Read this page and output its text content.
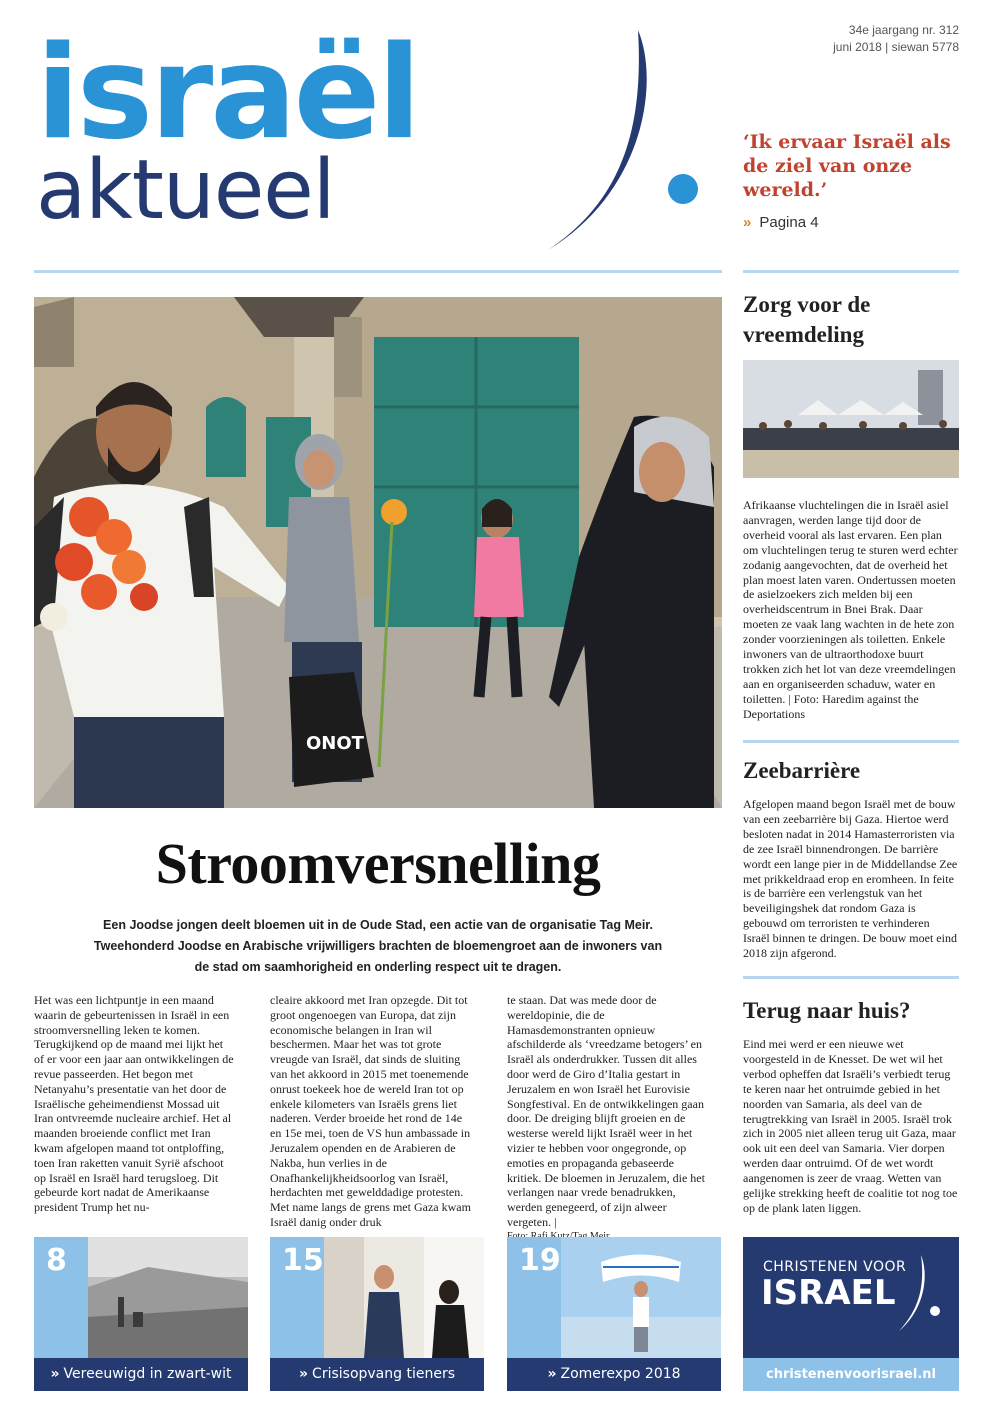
israël
aktueel
34e jaargang nr. 312
juni 2018 | siewan 5778
‘Ik ervaar Israël als de ziel van onze wereld.’
» Pagina 4
ONOT
Stroomversnelling
Een Joodse jongen deelt bloemen uit in de Oude Stad, een actie van de organisatie Tag Meir. Tweehonderd Joodse en Arabische vrijwilligers brachten de bloemengroet aan de inwoners van de stad om saamhorigheid en onderling respect uit te dragen.

Het was een lichtpuntje in een maand waarin de gebeurtenissen in Israël in een stroomversnelling leken te komen. Terugkijkend op de maand mei lijkt het of er voor een jaar aan ontwikkelingen de revue passeerden. Het begon met Netanyahu’s presentatie van het door de Israëlische geheimendienst Mossad uit Iran ontvreemde nucleaire archief. Het al maanden broeiende conflict met Iran kwam afgelopen maand tot ontploffing, toen Iran raketten vanuit Syrië afschoot op Israël en Israël hard terugsloeg. Dit gebeurde kort nadat de Amerikaanse president Trump het nu-

cleaire akkoord met Iran opzegde. Dit tot groot ongenoegen van Europa, dat zijn economische belangen in Iran wil beschermen. Maar het was tot grote vreugde van Israël, dat sinds de sluiting van het akkoord in 2015 met toenemende onrust toekeek hoe de wereld Iran tot op enkele kilometers van Israëls grens liet naderen. Verder broeide het rond de 14e en 15e mei, toen de VS hun ambassade in Jeruzalem openden en de Arabieren de Nakba, hun verlies in de Onafhankelijkheidsoorlog van Israël, herdachten met gewelddadige protesten. Met name langs de grens met Gaza kwam Israël danig onder druk

te staan. Dat was mede door de wereldopinie, die de Hamasdemonstranten opnieuw afschilderde als ‘vreedzame betogers’ en Israël als onderdrukker. Tussen dit alles door werd de Giro d’Italia gestart in Jeruzalem en won Israël het Eurovisie Songfestival. En de ontwikkelingen gaan door. De dreiging blijft groeien en de westerse wereld lijkt Israël weer in het vizier te hebben voor ongegronde, op emoties en propaganda gebaseerde kritiek. De bloemen in Jeruzalem, die het verlangen naar vrede benadrukken, werden genegeerd, of zijn alweer vergeten. |

Zorg voor de vreemdeling
Afrikaanse vluchtelingen die in Israël asiel aanvragen, werden lange tijd door de overheid vooral als last ervaren. Een plan om vluchtelingen terug te sturen werd echter zodanig aangevochten, dat de overheid het plan moest laten varen. Ondertussen moeten de asielzoekers zich melden bij een overheidscentrum in Bnei Brak. Daar moeten ze vaak lang wachten in de hete zon zonder voorzieningen als toiletten. Enkele inwoners van de ultraorthodoxe buurt trokken zich het lot van deze vreemdelingen aan en organiseerden schaduw, water en toiletten. | Foto: Haredim against the Deportations
Zeebarrière
Afgelopen maand begon Israël met de bouw van een zeebarrière bij Gaza. Hiertoe werd besloten nadat in 2014 Hamasterroristen via de zee Israël binnendrongen. De barrière wordt een lange pier in de Middellandse Zee met prikkeldraad erop en eromheen. In feite is de barrière een verlengstuk van het beveiligingshek dat rondom Gaza is gebouwd om terroristen te verhinderen Israël binnen te dringen. De bouw moet eind 2018 zijn afgerond.
Terug naar huis?
Eind mei werd er een nieuwe wet voorgesteld in de Knesset. De wet wil het verbod opheffen dat Israëli’s verbiedt terug te keren naar het ontruimde gebied in het noorden van Samaria, als deel van de terugtrekking van Israël in 2005. Israël trok zich in 2005 niet alleen terug uit Gaza, maar ook uit een deel van Samaria. Vier dorpen werden daar ontruimd. Of de wet wordt aangenomen is zeer de vraag. Wetten van gelijke strekking heeft de coalitie tot nog toe op de plank laten liggen.
8
» Vereeuwigd in zwart-wit
15
» Crisisopvang tieners
19
» Zomerexpo 2018
CHRISTENEN VOOR
ISRAEL
christenenvoorisrael.nl
